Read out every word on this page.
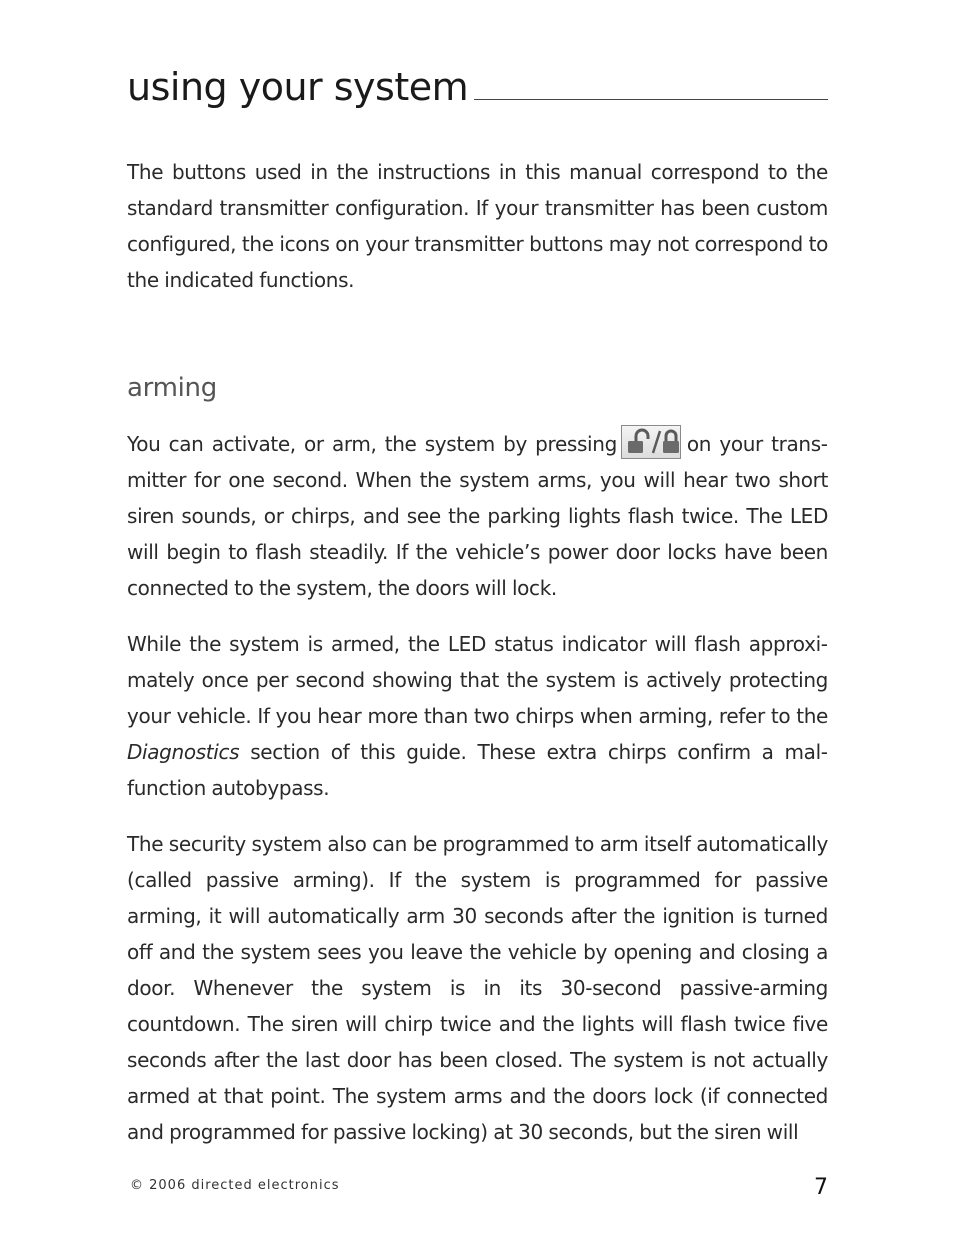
using your system

The buttons used in the instructions in this manual correspond to the standard transmitter configuration. If your transmitter has been custom configured, the icons on your transmitter buttons may not correspond to the indicated functions.

arming

You can activate, or arm, the system by pressing	on your transmitter for one second. When the system arms, you will hear two short siren sounds, or chirps, and see the parking lights flash twice. The LED will begin to flash steadily. If the vehicle’s power door locks have been connected to the system, the doors will lock.

While the system is armed, the LED status indicator will flash approximately once per second showing that the system is actively protecting your vehicle. If you hear more than two chirps when arming, refer to the Diagnostics section of this guide. These extra chirps confirm a malfunction autobypass.

The security system also can be programmed to arm itself automatically (called passive arming). If the system is programmed for passive arming, it will automatically arm 30 seconds after the ignition is turned off and the system sees you leave the vehicle by opening and closing a door. Whenever the system is in its 30-second passive-arming countdown. The siren will chirp twice and the lights will flash twice five seconds after the last door has been closed. The system is not actually armed at that point. The system arms and the doors lock (if connected and programmed for passive locking) at 30 seconds, but the siren will

© 2006 directed electronics	7
